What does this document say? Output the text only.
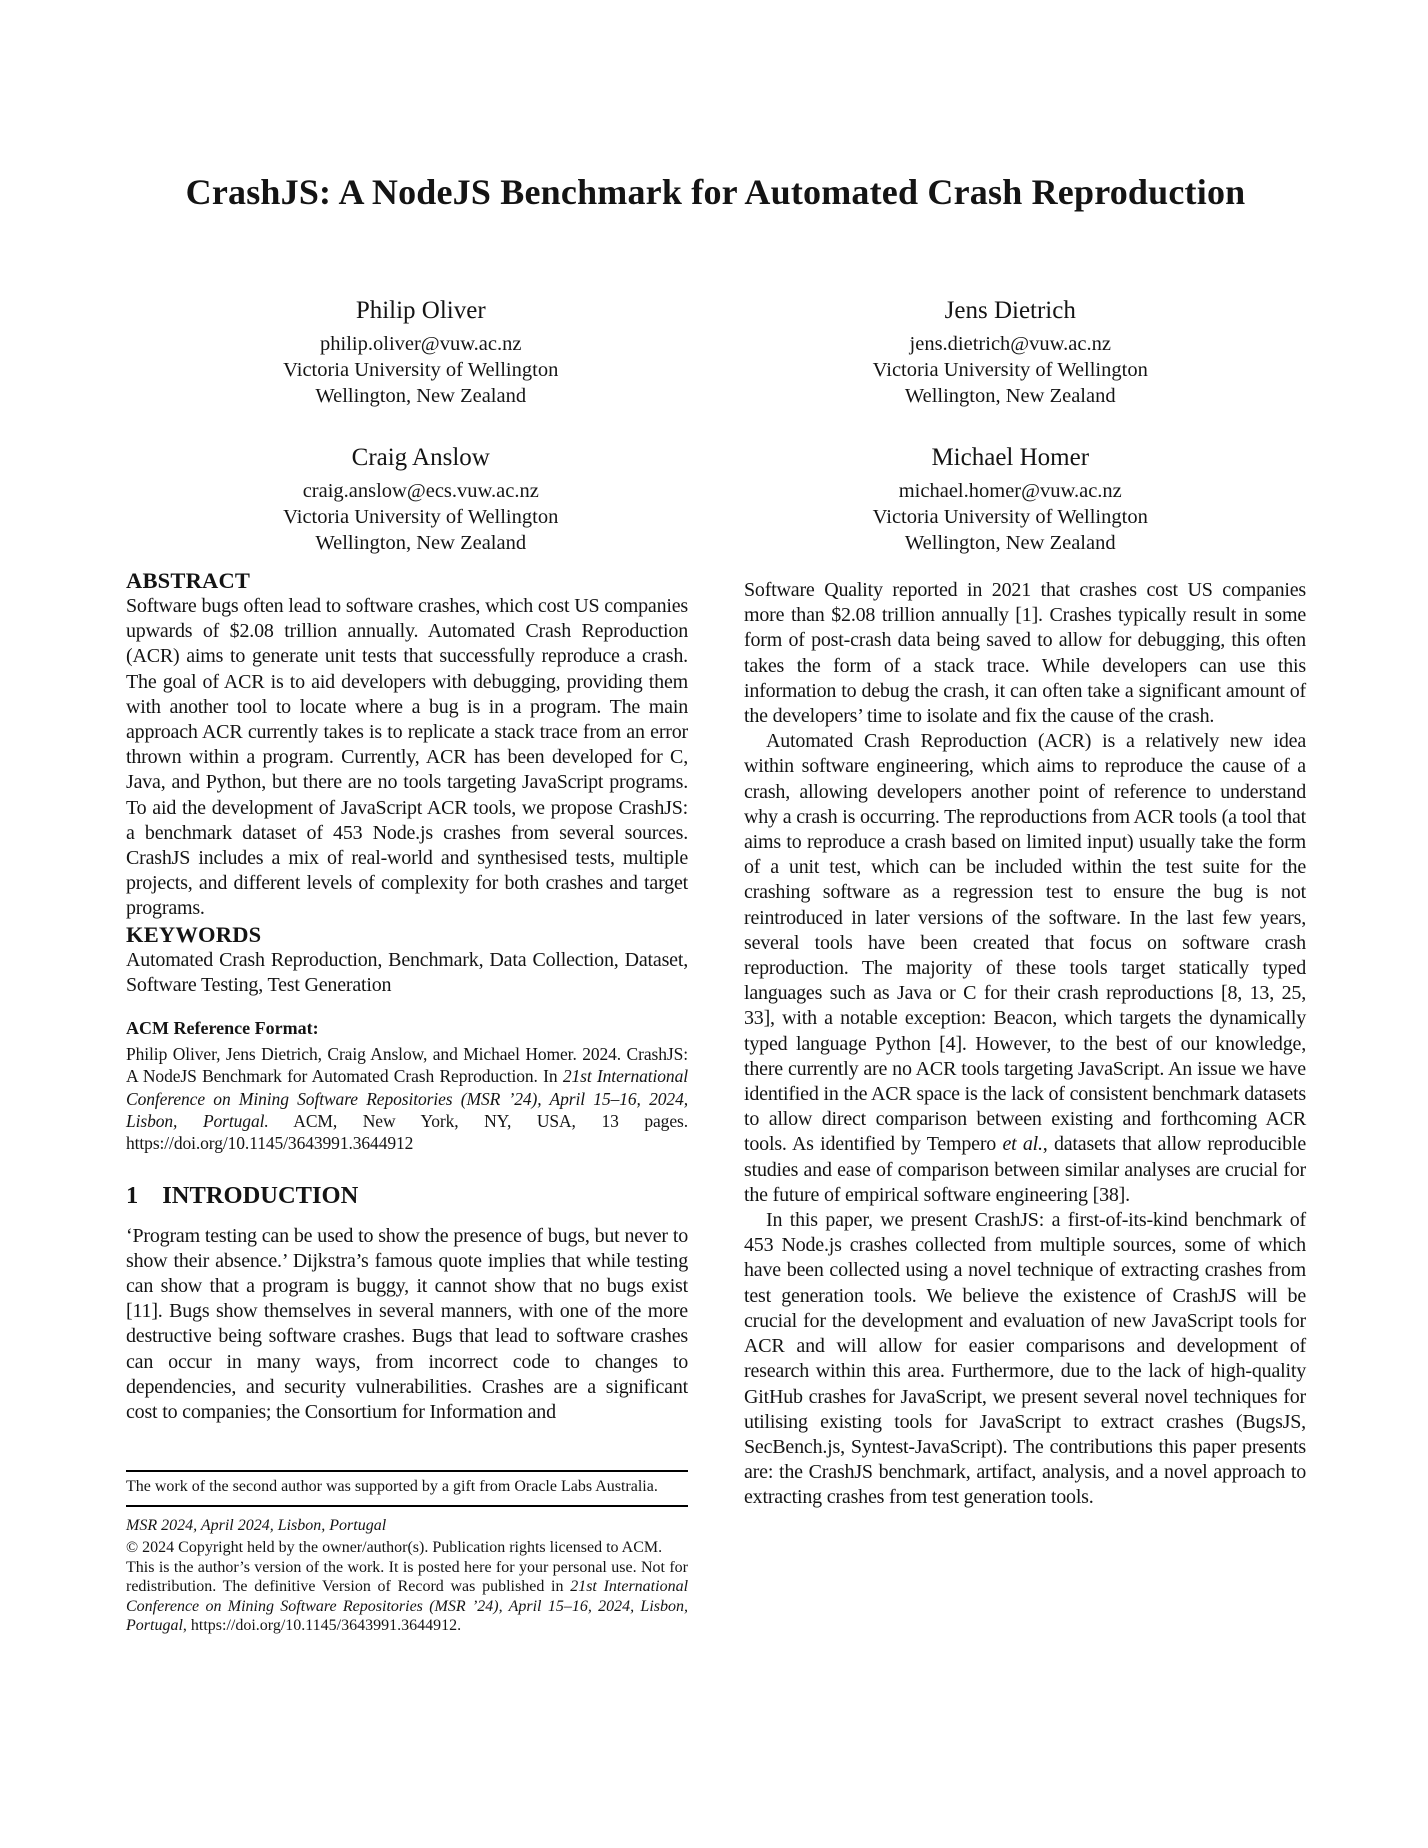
CrashJS: A NodeJS Benchmark for Automated Crash Reproduction
Philip Oliver
philip.oliver@vuw.ac.nz
Victoria University of Wellington
Wellington, New Zealand
Jens Dietrich
jens.dietrich@vuw.ac.nz
Victoria University of Wellington
Wellington, New Zealand
Craig Anslow
craig.anslow@ecs.vuw.ac.nz
Victoria University of Wellington
Wellington, New Zealand
Michael Homer
michael.homer@vuw.ac.nz
Victoria University of Wellington
Wellington, New Zealand
ABSTRACT

Software bugs often lead to software crashes, which cost US companies upwards of $2.08 trillion annually. Automated Crash Reproduction (ACR) aims to generate unit tests that successfully reproduce a crash. The goal of ACR is to aid developers with debugging, providing them with another tool to locate where a bug is in a program. The main approach ACR currently takes is to replicate a stack trace from an error thrown within a program. Currently, ACR has been developed for C, Java, and Python, but there are no tools targeting JavaScript programs. To aid the development of JavaScript ACR tools, we propose CrashJS: a benchmark dataset of 453 Node.js crashes from several sources. CrashJS includes a mix of real-world and synthesised tests, multiple projects, and different levels of complexity for both crashes and target programs.

KEYWORDS

Automated Crash Reproduction, Benchmark, Data Collection, Dataset, Software Testing, Test Generation

ACM Reference Format:

Philip Oliver, Jens Dietrich, Craig Anslow, and Michael Homer. 2024. CrashJS: A NodeJS Benchmark for Automated Crash Reproduction. In 21st International Conference on Mining Software Repositories (MSR ’24), April 15–16, 2024, Lisbon, Portugal. ACM, New York, NY, USA, 13 pages. https://doi.org/10.1145/3643991.3644912

1 INTRODUCTION

‘Program testing can be used to show the presence of bugs, but never to show their absence.’ Dijkstra’s famous quote implies that while testing can show that a program is buggy, it cannot show that no bugs exist [11]. Bugs show themselves in several manners, with one of the more destructive being software crashes. Bugs that lead to software crashes can occur in many ways, from incorrect code to changes to dependencies, and security vulnerabilities. Crashes are a significant cost to companies; the Consortium for Information and

Software Quality reported in 2021 that crashes cost US companies more than $2.08 trillion annually [1]. Crashes typically result in some form of post-crash data being saved to allow for debugging, this often takes the form of a stack trace. While developers can use this information to debug the crash, it can often take a significant amount of the developers’ time to isolate and fix the cause of the crash.

Automated Crash Reproduction (ACR) is a relatively new idea within software engineering, which aims to reproduce the cause of a crash, allowing developers another point of reference to understand why a crash is occurring. The reproductions from ACR tools (a tool that aims to reproduce a crash based on limited input) usually take the form of a unit test, which can be included within the test suite for the crashing software as a regression test to ensure the bug is not reintroduced in later versions of the software. In the last few years, several tools have been created that focus on software crash reproduction. The majority of these tools target statically typed languages such as Java or C for their crash reproductions [8, 13, 25, 33], with a notable exception: Beacon, which targets the dynamically typed language Python [4]. However, to the best of our knowledge, there currently are no ACR tools targeting JavaScript. An issue we have identified in the ACR space is the lack of consistent benchmark datasets to allow direct comparison between existing and forthcoming ACR tools. As identified by Tempero et al., datasets that allow reproducible studies and ease of comparison between similar analyses are crucial for the future of empirical software engineering [38].

In this paper, we present CrashJS: a first-of-its-kind benchmark of 453 Node.js crashes collected from multiple sources, some of which have been collected using a novel technique of extracting crashes from test generation tools. We believe the existence of CrashJS will be crucial for the development and evaluation of new JavaScript tools for ACR and will allow for easier comparisons and development of research within this area. Furthermore, due to the lack of high-quality GitHub crashes for JavaScript, we present several novel techniques for utilising existing tools for JavaScript to extract crashes (BugsJS, SecBench.js, Syntest-JavaScript). The contributions this paper presents are: the CrashJS benchmark, artifact, analysis, and a novel approach to extracting crashes from test generation tools.

The work of the second author was supported by a gift from Oracle Labs Australia.

MSR 2024, April 2024, Lisbon, Portugal

© 2024 Copyright held by the owner/author(s). Publication rights licensed to ACM.
This is the author’s version of the work. It is posted here for your personal use. Not for redistribution. The definitive Version of Record was published in 21st International Conference on Mining Software Repositories (MSR ’24), April 15–16, 2024, Lisbon, Portugal, https://doi.org/10.1145/3643991.3644912.
